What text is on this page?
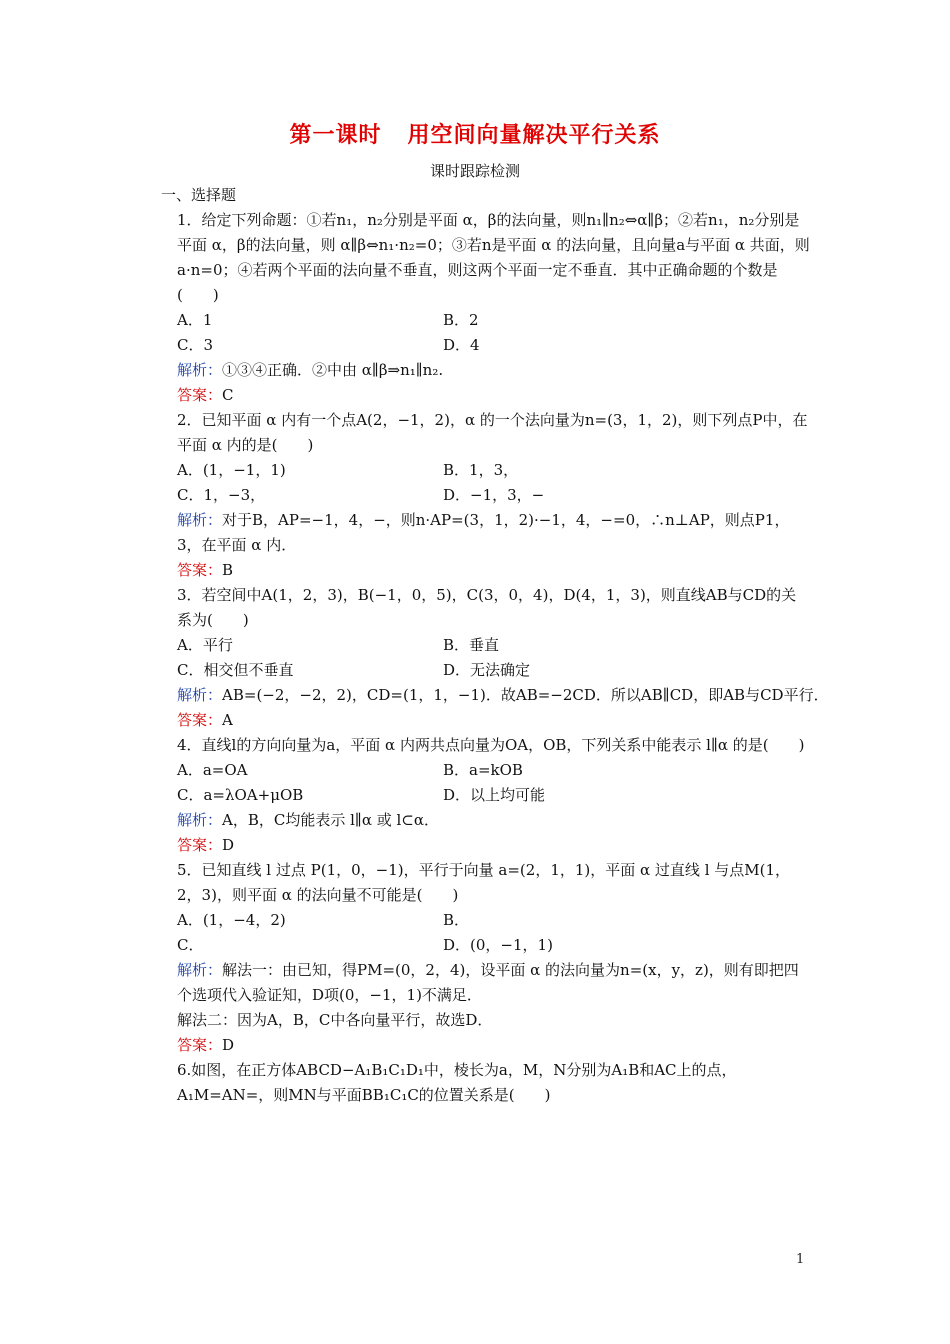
第一课时 用空间向量解决平行关系
课时跟踪检测
一、选择题
1．给定下列命题：①若n₁，n₂分别是平面 α，β的法向量，则n₁∥n₂⇔α∥β；②若n₁，n₂分别是平面 α，β的法向量，则 α∥β⇔n₁·n₂=0；③若n是平面 α 的法向量，且向量a与平面 α 共面，则a·n=0；④若两个平面的法向量不垂直，则这两个平面一定不垂直．其中正确命题的个数是(　　)
A．1	B．2
C．3	D．4
解析：①③④正确．②中由 α∥β⇒n₁∥n₂.
答案：C
2．已知平面 α 内有一个点A(2，−1，2)，α 的一个法向量为n=(3，1，2)，则下列点P中，在平面 α 内的是(　　)
A．(1，−1，1)	B．1，3，
C．1，−3，	D．−1，3，−
解析：对于B，AP=−1，4，−，则n·AP=(3，1，2)·−1，4，−=0，∴n⊥AP，则点P1，3，在平面 α 内．
答案：B
3．若空间中A(1，2，3)，B(−1，0，5)，C(3，0，4)，D(4，1，3)，则直线AB与CD的关系为(　　)
A．平行	B．垂直
C．相交但不垂直	D．无法确定
解析：AB=(−2，−2，2)，CD=(1，1，−1)．故AB=−2CD．所以AB∥CD，即AB与CD平行．
答案：A
4．直线l的方向向量为a，平面 α 内两共点向量为OA，OB，下列关系中能表示 l∥α 的是(　　)
A．a=OA	B．a=kOB
C．a=λOA+μOB	D．以上均可能
解析：A，B，C均能表示 l∥α 或 l⊂α．
答案：D
5．已知直线 l 过点 P(1，0，−1)，平行于向量 a=(2，1，1)，平面 α 过直线 l 与点M(1，2，3)，则平面 α 的法向量不可能是(　　)
A．(1，−4，2)	B．
C．	D．(0，−1，1)
解析：解法一：由已知，得PM=(0，2，4)，设平面 α 的法向量为n=(x，y，z)，则有即把四个选项代入验证知，D项(0，−1，1)不满足．
解法二：因为A，B，C中各向量平行，故选D．
答案：D
6.如图，在正方体ABCD−A₁B₁C₁D₁中，棱长为a，M，N分别为A₁B和AC上的点，A₁M=AN=，则MN与平面BB₁C₁C的位置关系是(　　)
1
